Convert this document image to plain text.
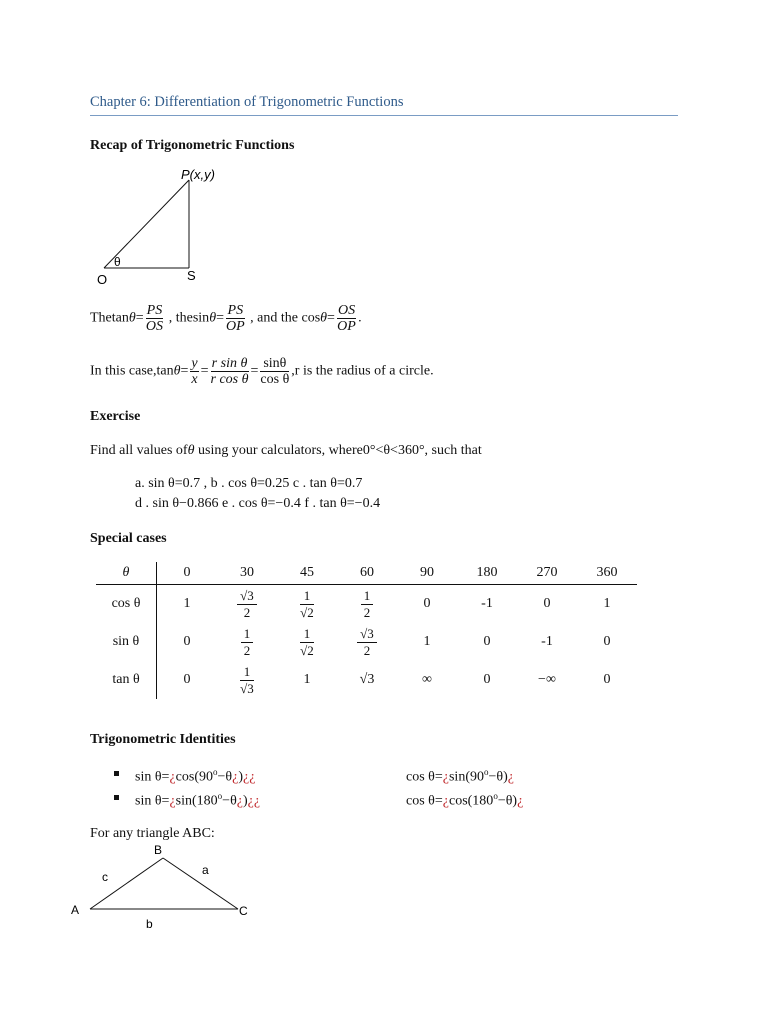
Chapter 6: Differentiation of Trigonometric Functions
Recap of Trigonometric Functions
P(x,y)
O	S
θ
$Thetan\theta= \frac{PS}{OS}$ , $thesin\theta= \frac{PS}{OP}$ , and the $\cos\theta= \frac{OS}{OP}$ .
In this case,tanθ= $\frac{y}{x} = \frac{\text{r sin θ}}{\text{r cos θ}} = \frac{\sin\theta}{\text{cos θ}} ,r$ is the radius of a circle.
Exercise
Find all values ofθ using your calculators, where0°<θ<360°, such that
a. sin θ=0.7 , b . cos θ=0.25 c . tan θ=0.7
d . sin θ−0.866 e . cos θ=−0.4 f . tan θ=−0.4
Special cases
θ	0	30	45	60	90	180	270	360
cos θ	1	$\frac{√3}{2}$	$\frac{1}{√2}$	$\frac{1}{2}$	0	-1	0	1
sin θ	0	$\frac{1}{2}$	$\frac{1}{√2}$	$\frac{√3}{2}$	1	0	-1	0
tan θ	0	$\frac{1}{√3}$	1	√3	∞	0	−∞	0
Trigonometric Identities
$\sin \theta=¿\cos(90^o-\theta¿)¿¿$	$\cos \theta=¿\sin(90^o-\theta)¿$
$\sin \theta=¿\sin(180^o-\theta¿)¿¿$	$\cos \theta=¿\cos(180^o-\theta)¿$
For any triangle ABC:
B
A	C
a
b
c
